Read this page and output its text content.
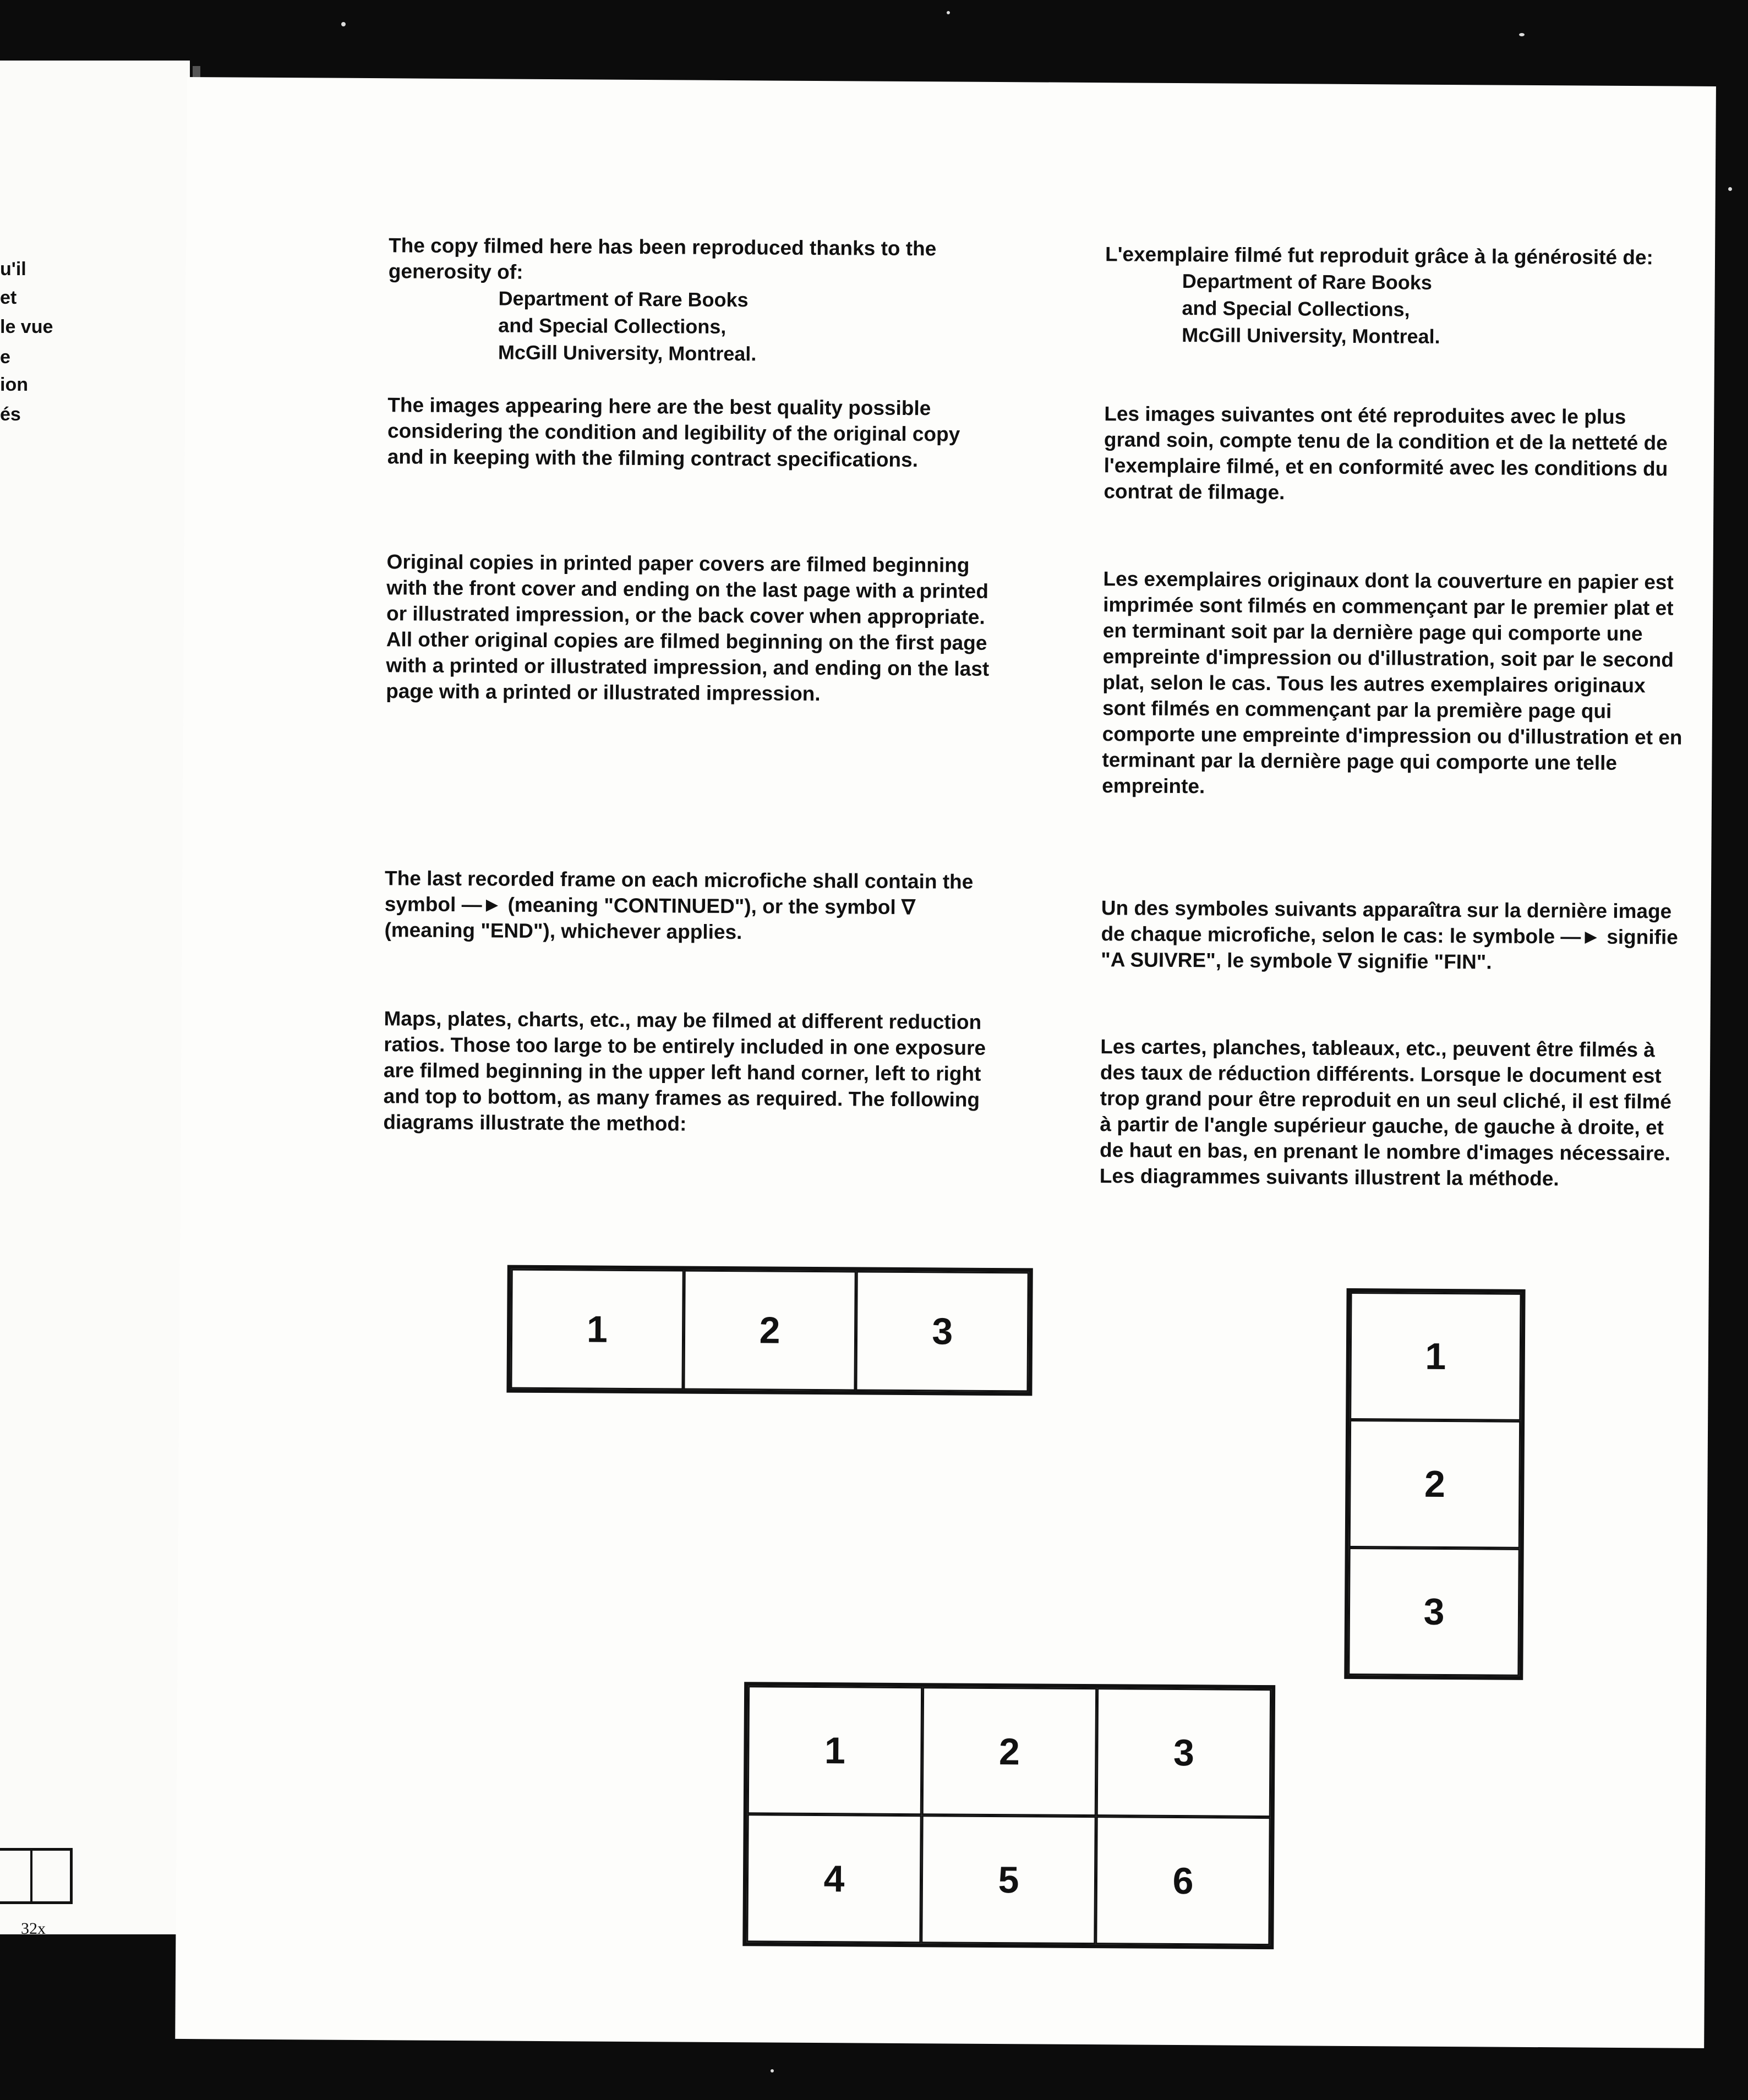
u'il
et
le vue
e
ion
és
32x

The copy filmed here has been reproduced thanks to the generosity of:

Department of Rare Books
and Special Collections,
McGill University, Montreal.

The images appearing here are the best quality possible considering the condition and legibility of the original copy and in keeping with the filming contract specifications.

Original copies in printed paper covers are filmed beginning with the front cover and ending on the last page with a printed or illustrated impression, or the back cover when appropriate. All other original copies are filmed beginning on the first page with a printed or illustrated impression, and ending on the last page with a printed or illustrated impression.

The last recorded frame on each microfiche shall contain the symbol —► (meaning "CONTINUED"), or the symbol ∇ (meaning "END"), whichever applies.

Maps, plates, charts, etc., may be filmed at different reduction ratios. Those too large to be entirely included in one exposure are filmed beginning in the upper left hand corner, left to right and top to bottom, as many frames as required. The following diagrams illustrate the method:

L'exemplaire filmé fut reproduit grâce à la générosité de:

Department of Rare Books
and Special Collections,
McGill University, Montreal.

Les images suivantes ont été reproduites avec le plus grand soin, compte tenu de la condition et de la netteté de l'exemplaire filmé, et en conformité avec les conditions du contrat de filmage.

Les exemplaires originaux dont la couverture en papier est imprimée sont filmés en commençant par le premier plat et en terminant soit par la dernière page qui comporte une empreinte d'impression ou d'illustration, soit par le second plat, selon le cas. Tous les autres exemplaires originaux sont filmés en commençant par la première page qui comporte une empreinte d'impression ou d'illustration et en terminant par la dernière page qui comporte une telle empreinte.

Un des symboles suivants apparaîtra sur la dernière image de chaque microfiche, selon le cas: le symbole —► signifie "A SUIVRE", le symbole ∇ signifie "FIN".

Les cartes, planches, tableaux, etc., peuvent être filmés à des taux de réduction différents. Lorsque le document est trop grand pour être reproduit en un seul cliché, il est filmé à partir de l'angle supérieur gauche, de gauche à droite, et de haut en bas, en prenant le nombre d'images nécessaire. Les diagrammes suivants illustrent la méthode.

1	2	3
1
2
3
1	2	3
4	5	6
